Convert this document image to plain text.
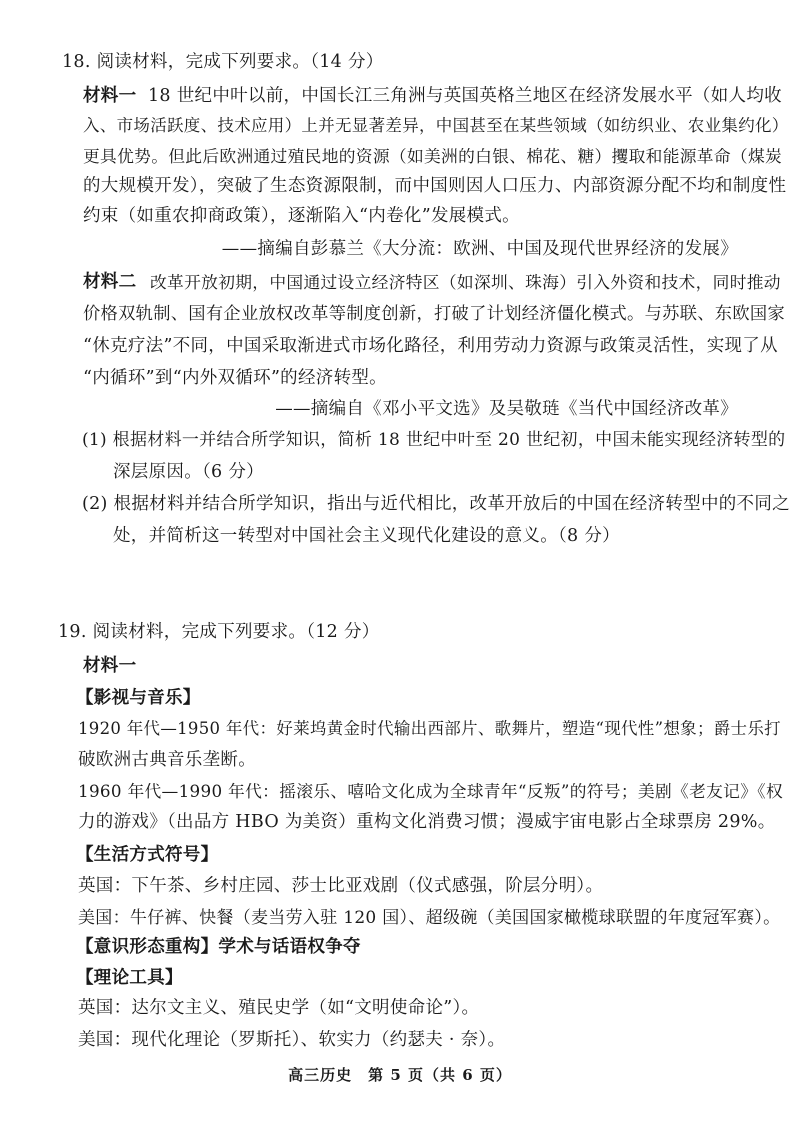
18. 阅读材料，完成下列要求。（14 分）
材料一 18 世纪中叶以前，中国长江三角洲与英国英格兰地区在经济发展水平（如人均收
入、市场活跃度、技术应用）上并无显著差异，中国甚至在某些领域（如纺织业、农业集约化）
更具优势。但此后欧洲通过殖民地的资源（如美洲的白银、棉花、糖）攫取和能源革命（煤炭
的大规模开发），突破了生态资源限制，而中国则因人口压力、内部资源分配不均和制度性
约束（如重农抑商政策），逐渐陷入“内卷化”发展模式。
——摘编自彭慕兰《大分流：欧洲、中国及现代世界经济的发展》
材料二 改革开放初期，中国通过设立经济特区（如深圳、珠海）引入外资和技术，同时推动
价格双轨制、国有企业放权改革等制度创新，打破了计划经济僵化模式。与苏联、东欧国家
“休克疗法”不同，中国采取渐进式市场化路径，利用劳动力资源与政策灵活性，实现了从
“内循环”到“内外双循环”的经济转型。
——摘编自《邓小平文选》及吴敬琏《当代中国经济改革》
(1) 根据材料一并结合所学知识，简析 18 世纪中叶至 20 世纪初，中国未能实现经济转型的
深层原因。（6 分）
(2) 根据材料并结合所学知识，指出与近代相比，改革开放后的中国在经济转型中的不同之
处，并简析这一转型对中国社会主义现代化建设的意义。（8 分）
19. 阅读材料，完成下列要求。（12 分）
材料一
【影视与音乐】
1920 年代—1950 年代：好莱坞黄金时代输出西部片、歌舞片，塑造“现代性”想象；爵士乐打
破欧洲古典音乐垄断。
1960 年代—1990 年代：摇滚乐、嘻哈文化成为全球青年“反叛”的符号；美剧《老友记》《权
力的游戏》（出品方 HBO 为美资）重构文化消费习惯；漫威宇宙电影占全球票房 29%。
【生活方式符号】
英国：下午茶、乡村庄园、莎士比亚戏剧（仪式感强，阶层分明）。
美国：牛仔裤、快餐（麦当劳入驻 120 国）、超级碗（美国国家橄榄球联盟的年度冠军赛）。
【意识形态重构】学术与话语权争夺
【理论工具】
英国：达尔文主义、殖民史学（如“文明使命论”）。
美国：现代化理论（罗斯托）、软实力（约瑟夫 · 奈）。
高三历史　第 5 页（共 6 页）
